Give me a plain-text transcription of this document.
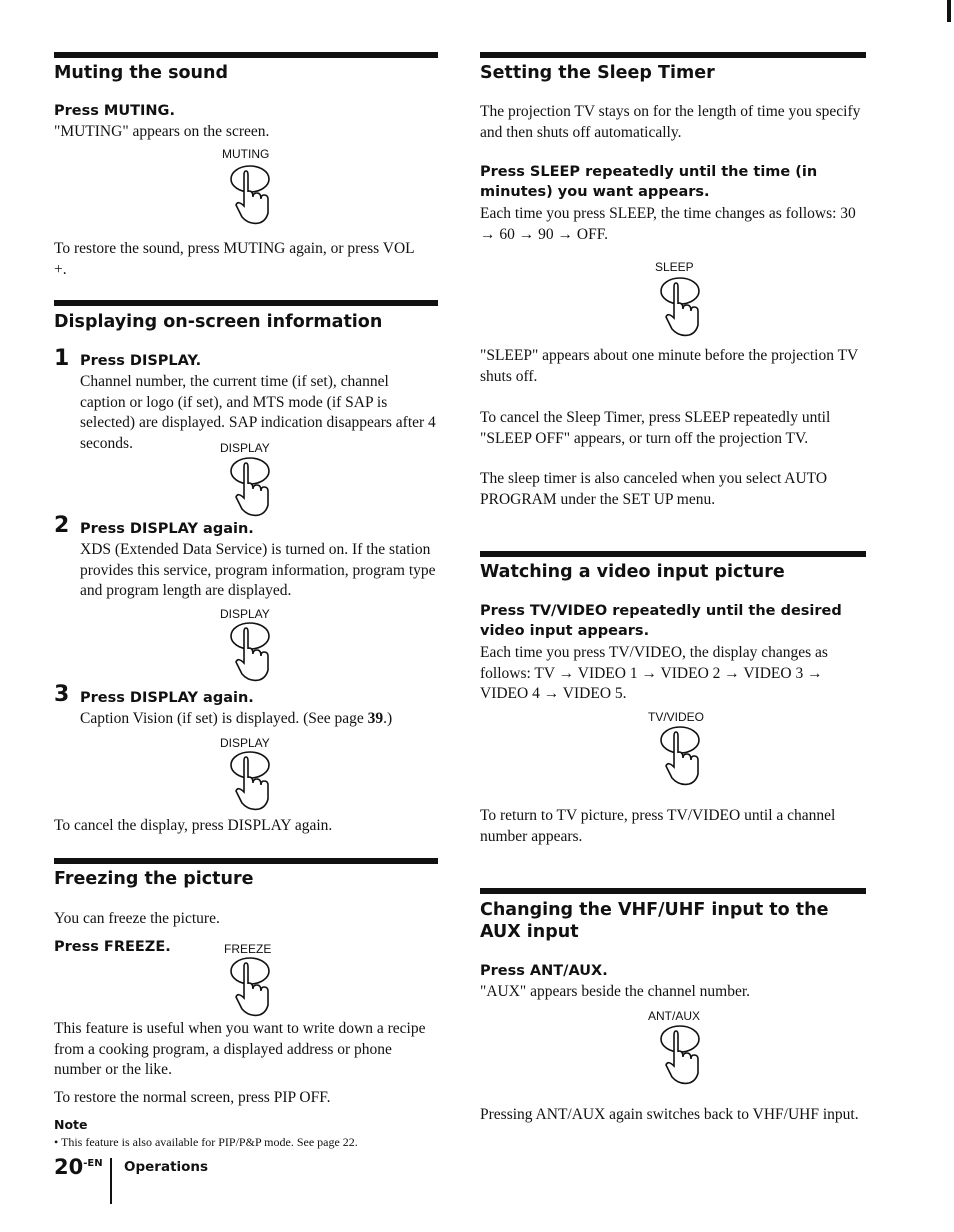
Muting the sound
Press MUTING.

"MUTING" appears on the screen.

MUTING

To restore the sound, press MUTING again, or press VOL +.

Displaying on-screen information
1 Press DISPLAY.

Channel number, the current time (if set), channel caption or logo (if set), and MTS mode (if SAP is selected) are displayed. SAP indication disappears after 4 seconds.	DISPLAY
2 Press DISPLAY again.

XDS (Extended Data Service) is turned on. If the station provides this service, program information, program type and program length are displayed.

DISPLAY
3 Press DISPLAY again.

Caption Vision (if set) is displayed. (See page 39.)

DISPLAY

To cancel the display, press DISPLAY again.

Freezing the picture

You can freeze the picture.

Press FREEZE.	FREEZE

This feature is useful when you want to write down a recipe from a cooking program, a displayed address or phone number or the like.

To restore the normal screen, press PIP OFF.

Note
• This feature is also available for PIP/P&P mode. See page 22.
$20^{-EN}$ Operations
Setting the Sleep Timer

The projection TV stays on for the length of time you specify and then shuts off automatically.

Press SLEEP repeatedly until the time (in minutes) you want appears.

Each time you press SLEEP, the time changes as follows: 30 → 60 → 90 → OFF.

SLEEP

"SLEEP" appears about one minute before the projection TV shuts off.

To cancel the Sleep Timer, press SLEEP repeatedly until "SLEEP OFF" appears, or turn off the projection TV.

The sleep timer is also canceled when you select AUTO PROGRAM under the SET UP menu.

Watching a video input picture
Press TV/VIDEO repeatedly until the desired video input appears.

Each time you press TV/VIDEO, the display changes as follows: TV → VIDEO 1 → VIDEO 2 → VIDEO 3 → VIDEO 4 → VIDEO 5.

TV/VIDEO

To return to TV picture, press TV/VIDEO until a channel number appears.

Changing the VHF/UHF input to the AUX input
Press ANT/AUX.

"AUX" appears beside the channel number.

ANT/AUX

Pressing ANT/AUX again switches back to VHF/UHF input.
